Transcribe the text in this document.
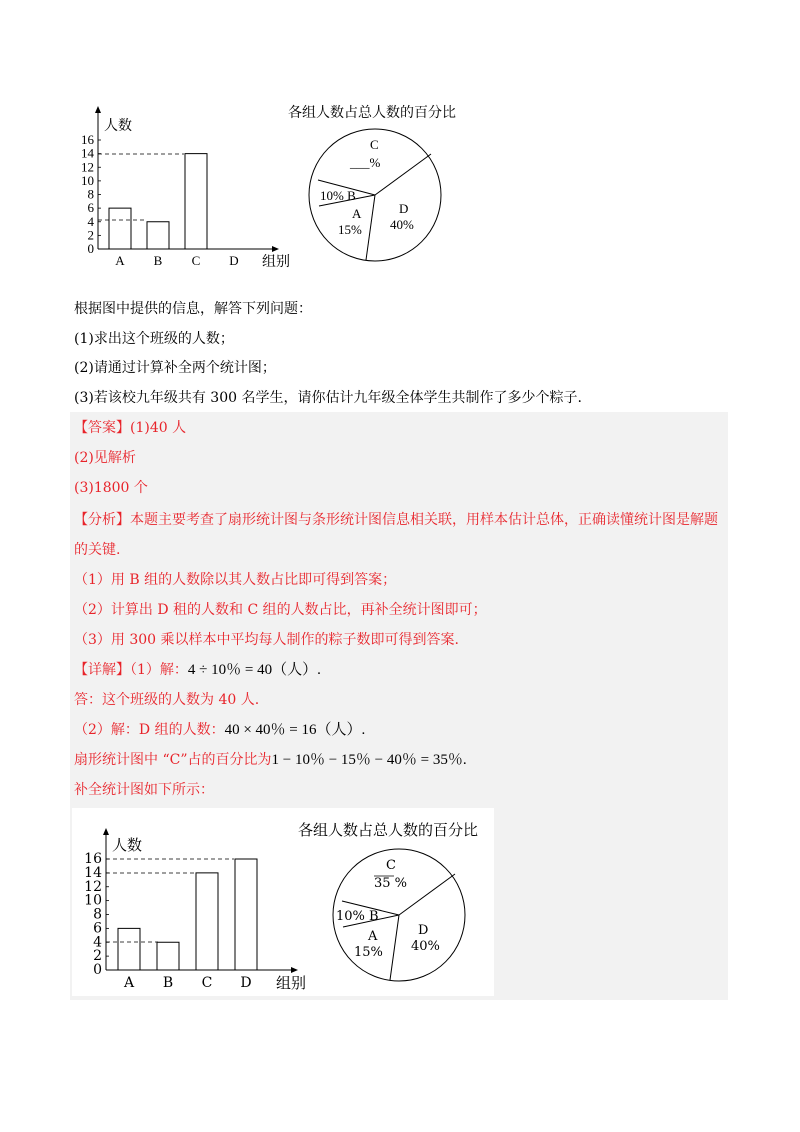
人数
组别
0
2
4
6
8
10
12
14
16
A B C D
各组人数占总人数的百分比
C
___%
10% B
A
15%
D
40%
根据图中提供的信息，解答下列问题：
(1)求出这个班级的人数；
(2)请通过计算补全两个统计图；
(3)若该校九年级共有 300 名学生，请你估计九年级全体学生共制作了多少个粽子.
【答案】(1)40 人
(2)见解析
(3)1800 个
【分析】本题主要考查了扇形统计图与条形统计图信息相关联，用样本估计总体，正确读懂统计图是解题
的关键.
（1）用 B 组的人数除以其人数占比即可得到答案；
（2）计算出 D 租的人数和 C 组的人数占比，再补全统计图即可；
（3）用 300 乘以样本中平均每人制作的粽子数即可得到答案.
【详解】（1）解：4 ÷ 10％ = 40（人）.
答：这个班级的人数为 40 人.
（2）解：D 组的人数：40 × 40％ = 16（人）.
扇形统计图中 “C”占的百分比为1 − 10％ − 15％ − 40％ = 35％.
补全统计图如下所示：
人数
组别
0
2
4
6
8
10
12
14
16
A B C D
各组人数占总人数的百分比
C
35 %
10% B
A
15%
D
40%
